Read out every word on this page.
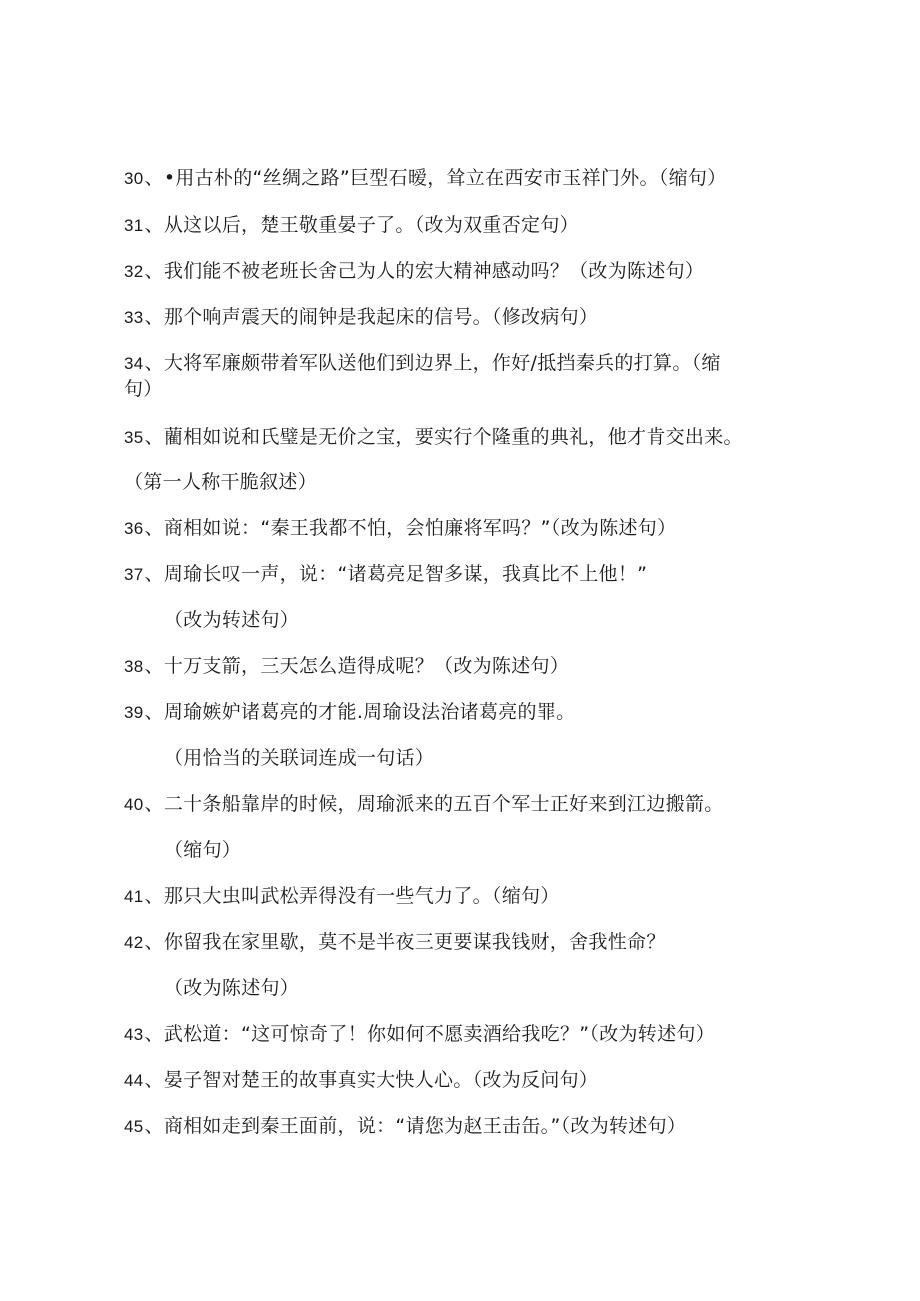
30、•用古朴的“丝绸之路”巨型石暧，耸立在西安市玉祥门外。（缩句）
31、从这以后，楚王敬重晏子了。（改为双重否定句）
32、我们能不被老班长舍己为人的宏大精神感动吗？（改为陈述句）
33、那个响声震天的闹钟是我起床的信号。（修改病句）
34、大将军廉颇带着军队送他们到边界上，作好/抵挡秦兵的打算。（缩
句）
35、藺相如说和氏璧是无价之宝，要实行个隆重的典礼，他才肯交出来。
（第一人称干脆叙述）
36、商相如说：“秦王我都不怕，会怕廉将军吗？”（改为陈述句）
37、周瑜长叹一声，说：“诸葛亮足智多谋，我真比不上他！”
（改为转述句）
38、十万支箭，三天怎么造得成呢？（改为陈述句）
39、周瑜嫉妒诸葛亮的才能.周瑜设法治诸葛亮的罪。
（用恰当的关联词连成一句话）
40、二十条船靠岸的时候，周瑜派来的五百个军士正好来到江边搬箭。
（缩句）
41、那只大虫叫武松弄得没有一些气力了。（缩句）
42、你留我在家里歇，莫不是半夜三更要谋我钱财，舍我性命？
（改为陈述句）
43、武松道：“这可惊奇了！你如何不愿卖酒给我吃？”（改为转述句）
44、晏子智对楚王的故事真实大快人心。（改为反问句）
45、商相如走到秦王面前，说：“请您为赵王击缶。”（改为转述句）
